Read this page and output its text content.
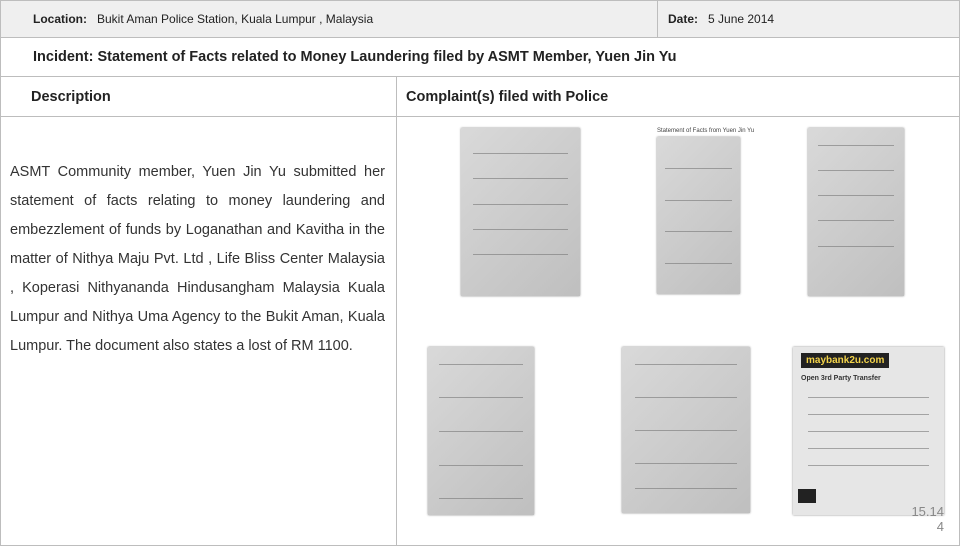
Location: Bukit Aman Police Station, Kuala Lumpur , Malaysia	Date: 5 June 2014
Incident: Statement of Facts related to Money Laundering filed by ASMT Member, Yuen Jin Yu
Description	Complaint(s) filed with Police
ASMT Community member, Yuen Jin Yu submitted her statement of facts relating to money laundering and embezzlement of funds by Loganathan and Kavitha in the matter of Nithya Maju Pvt. Ltd , Life Bliss Center Malaysia , Koperasi Nithyananda Hindusangham Malaysia Kuala Lumpur and Nithya Uma Agency to the Bukit Aman, Kuala Lumpur. The document also states a lost of RM 1100.
Statement of Facts from Yuen Jin Yu
maybank2u.com
Open 3rd Party Transfer
15.14
4
